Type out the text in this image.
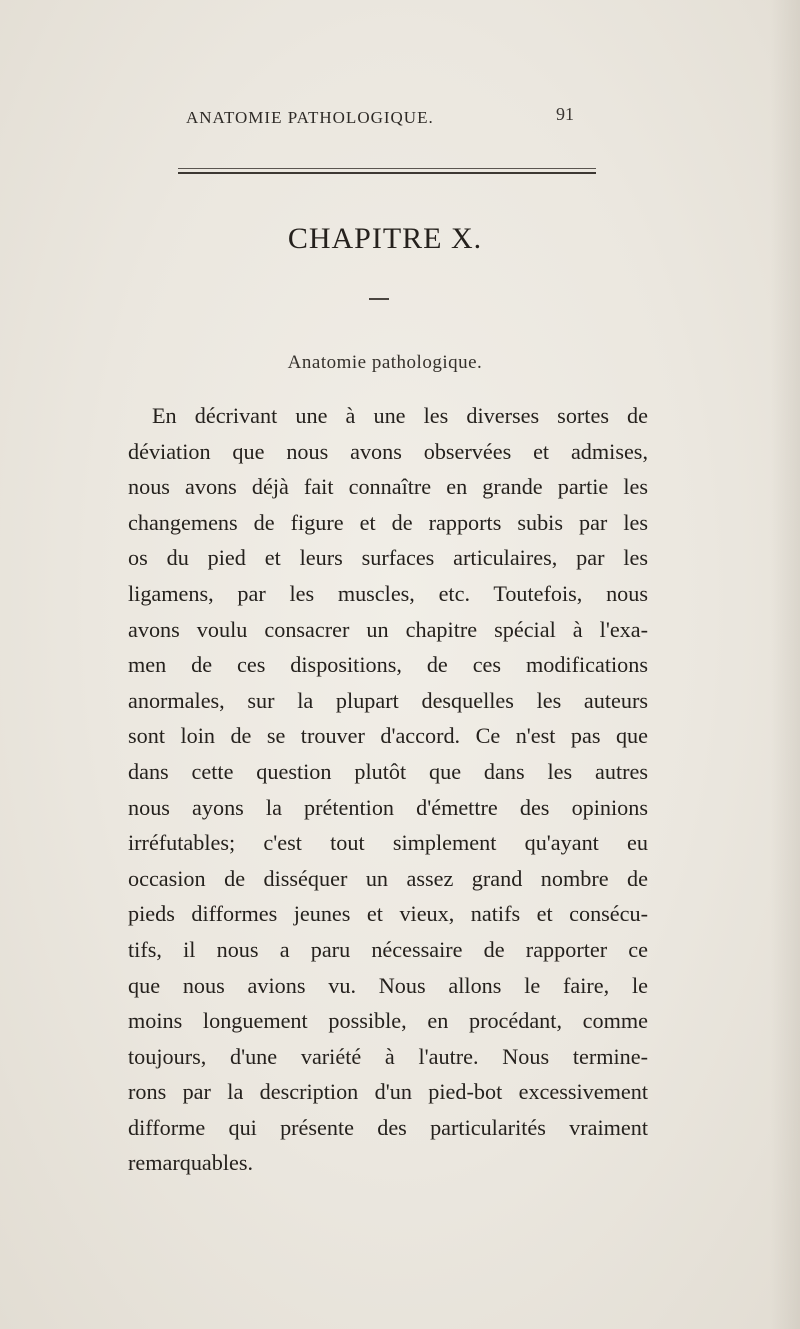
ANATOMIE PATHOLOGIQUE.	91
CHAPITRE X.
Anatomie pathologique.
En décrivant une à une les diverses sortes de
déviation que nous avons observées et admises,
nous avons déjà fait connaître en grande partie les
changemens de figure et de rapports subis par les
os du pied et leurs surfaces articulaires, par les
ligamens, par les muscles, etc. Toutefois, nous
avons voulu consacrer un chapitre spécial à l'exa-
men de ces dispositions, de ces modifications
anormales, sur la plupart desquelles les auteurs
sont loin de se trouver d'accord. Ce n'est pas que
dans cette question plutôt que dans les autres
nous ayons la prétention d'émettre des opinions
irréfutables; c'est tout simplement qu'ayant eu
occasion de disséquer un assez grand nombre de
pieds difformes jeunes et vieux, natifs et consécu-
tifs, il nous a paru nécessaire de rapporter ce
que nous avions vu. Nous allons le faire, le
moins longuement possible, en procédant, comme
toujours, d'une variété à l'autre. Nous termine-
rons par la description d'un pied-bot excessivement
difforme qui présente des particularités vraiment
remarquables.
